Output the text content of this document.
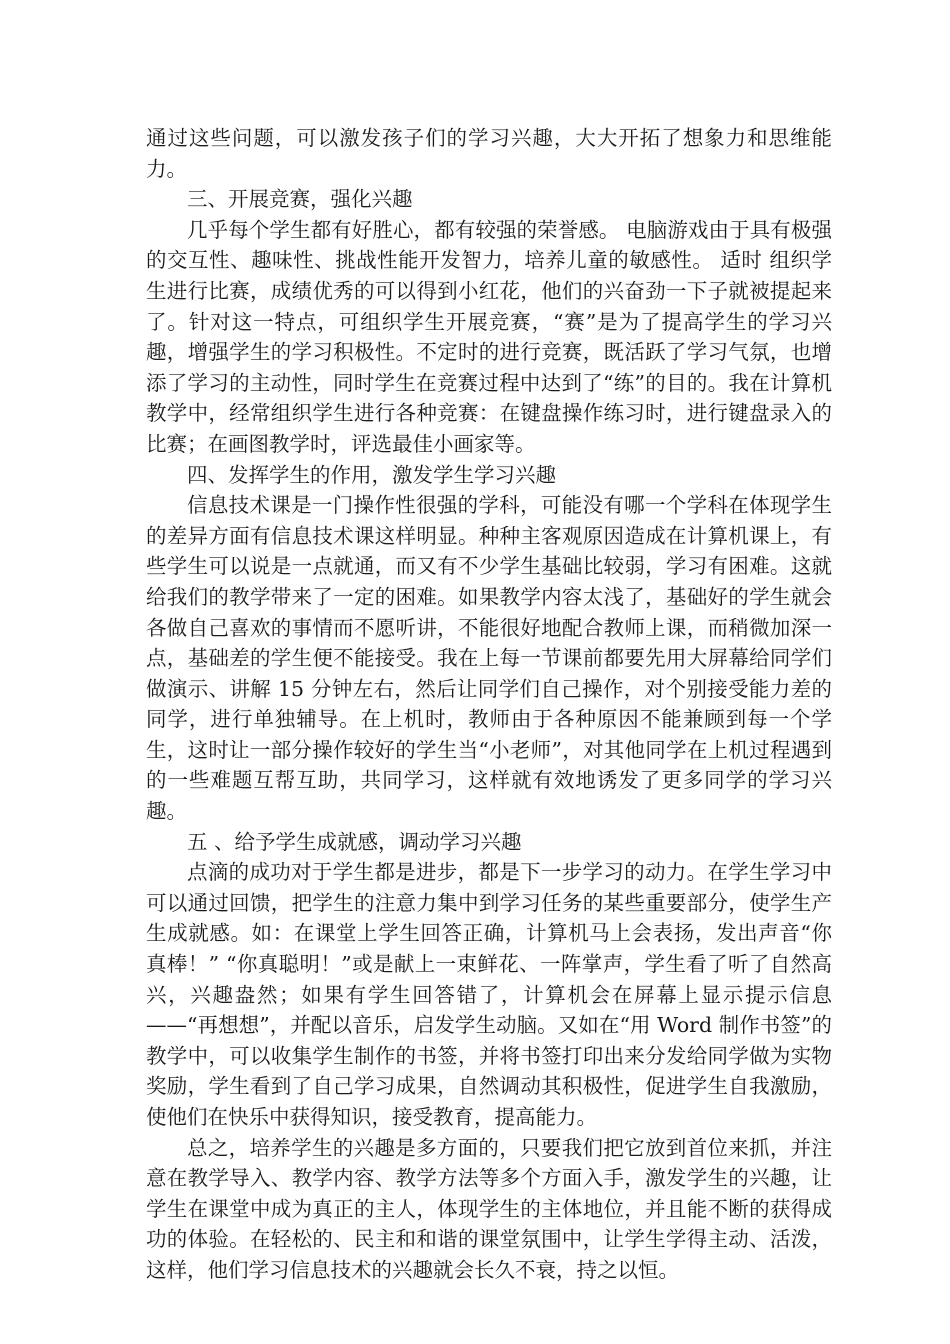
通过这些问题，可以激发孩子们的学习兴趣，大大开拓了想象力和思维能力。

三、开展竞赛，强化兴趣

几乎每个学生都有好胜心，都有较强的荣誉感。 电脑游戏由于具有极强的交互性、趣味性、挑战性能开发智力，培养儿童的敏感性。 适时 组织学生进行比赛，成绩优秀的可以得到小红花，他们的兴奋劲一下子就被提起来了。针对这一特点，可组织学生开展竞赛，“赛”是为了提高学生的学习兴趣，增强学生的学习积极性。不定时的进行竞赛，既活跃了学习气氛，也增添了学习的主动性，同时学生在竞赛过程中达到了“练”的目的。我在计算机教学中，经常组织学生进行各种竞赛：在键盘操作练习时，进行键盘录入的比赛；在画图教学时，评选最佳小画家等。

四、发挥学生的作用，激发学生学习兴趣

信息技术课是一门操作性很强的学科，可能没有哪一个学科在体现学生的差异方面有信息技术课这样明显。种种主客观原因造成在计算机课上，有些学生可以说是一点就通，而又有不少学生基础比较弱，学习有困难。这就给我们的教学带来了一定的困难。如果教学内容太浅了，基础好的学生就会各做自己喜欢的事情而不愿听讲，不能很好地配合教师上课，而稍微加深一点，基础差的学生便不能接受。我在上每一节课前都要先用大屏幕给同学们做演示、讲解 15 分钟左右，然后让同学们自己操作，对个别接受能力差的同学，进行单独辅导。在上机时，教师由于各种原因不能兼顾到每一个学生，这时让一部分操作较好的学生当“小老师”，对其他同学在上机过程遇到的一些难题互帮互助，共同学习，这样就有效地诱发了更多同学的学习兴趣。

五 、给予学生成就感，调动学习兴趣

点滴的成功对于学生都是进步，都是下一步学习的动力。在学生学习中可以通过回馈，把学生的注意力集中到学习任务的某些重要部分，使学生产生成就感。如：在课堂上学生回答正确，计算机马上会表扬，发出声音“你真棒！” “你真聪明！”或是献上一束鲜花、一阵掌声，学生看了听了自然高兴，兴趣盎然；如果有学生回答错了，计算机会在屏幕上显示提示信息——“再想想”，并配以音乐，启发学生动脑。又如在“用 Word 制作书签”的教学中，可以收集学生制作的书签，并将书签打印出来分发给同学做为实物奖励，学生看到了自己学习成果，自然调动其积极性，促进学生自我激励，使他们在快乐中获得知识，接受教育，提高能力。

总之，培养学生的兴趣是多方面的，只要我们把它放到首位来抓，并注意在教学导入、教学内容、教学方法等多个方面入手，激发学生的兴趣，让学生在课堂中成为真正的主人，体现学生的主体地位，并且能不断的获得成功的体验。在轻松的、民主和和谐的课堂氛围中，让学生学得主动、活泼，这样，他们学习信息技术的兴趣就会长久不衰，持之以恒。
